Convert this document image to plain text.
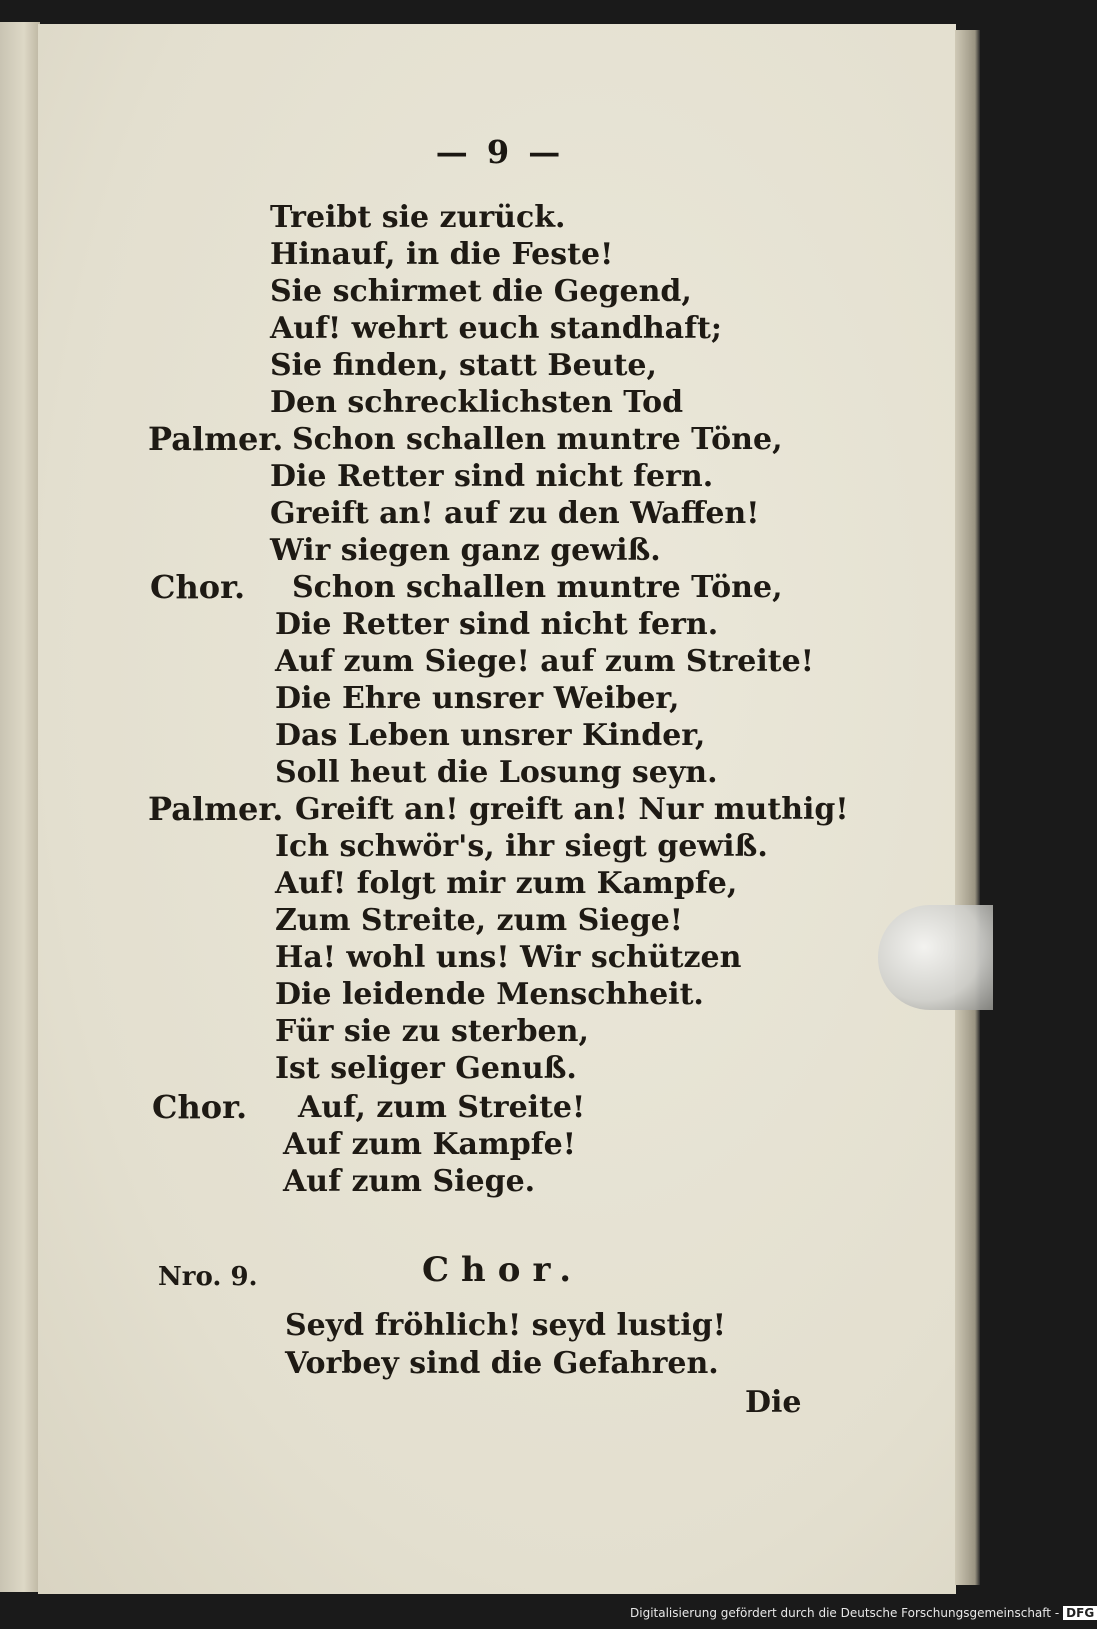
— 9 —
Treibt sie zurück.
Hinauf, in die Feste!
Sie schirmet die Gegend,
Auf! wehrt euch standhaft;
Sie finden, statt Beute,
Den schrecklichsten Tod
Palmer. Schon schallen muntre Töne,
Die Retter sind nicht fern.
Greift an! auf zu den Waffen!
Wir siegen ganz gewiß.
Chor. Schon schallen muntre Töne,
Die Retter sind nicht fern.
Auf zum Siege! auf zum Streite!
Die Ehre unsrer Weiber,
Das Leben unsrer Kinder,
Soll heut die Losung seyn.
Palmer. Greift an! greift an! Nur muthig!
Ich schwör's, ihr siegt gewiß.
Auf! folgt mir zum Kampfe,
Zum Streite, zum Siege!
Ha! wohl uns! Wir schützen
Die leidende Menschheit.
Für sie zu sterben,
Ist seliger Genuß.
Chor. Auf, zum Streite!
Auf zum Kampfe!
Auf zum Siege.
Nro. 9.	Chor.
Seyd fröhlich! seyd lustig!
Vorbey sind die Gefahren.
Die
Digitalisierung gefördert durch die Deutsche Forschungsgemeinschaft - DFG
